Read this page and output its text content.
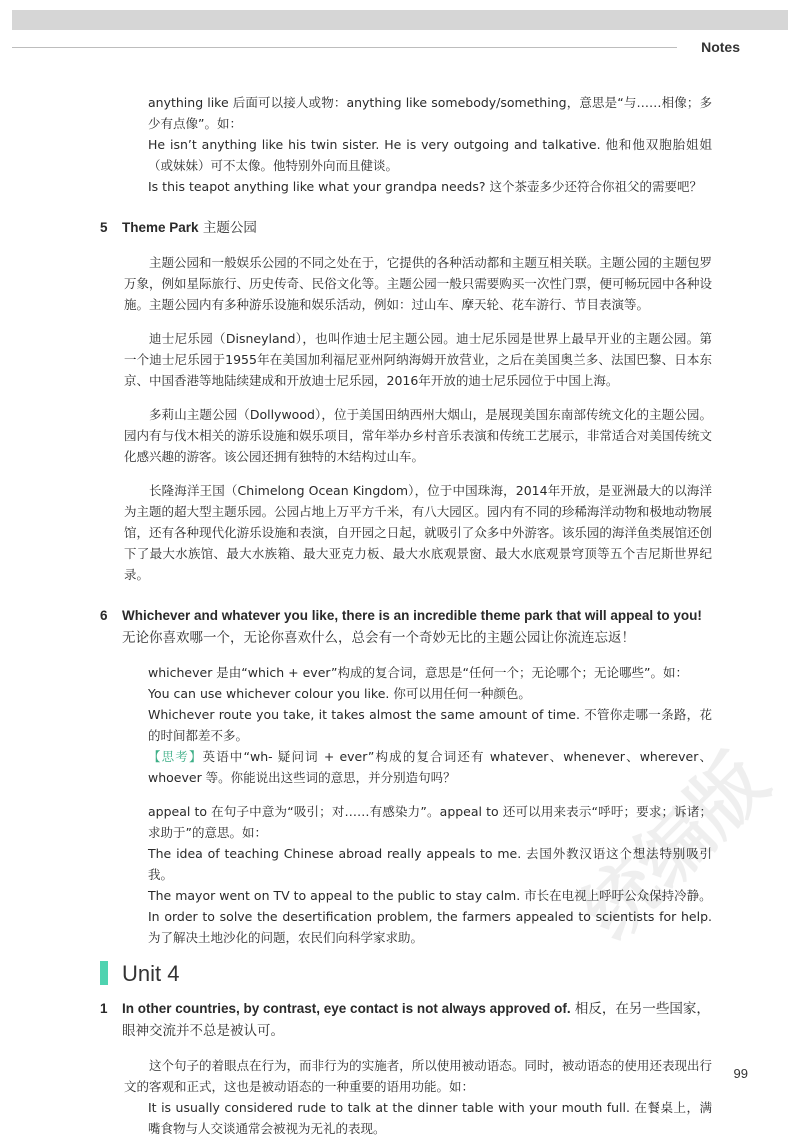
Notes
统编版

anything like 后面可以接人或物：anything like somebody/something，意思是“与……相像；多少有点像”。如：

He isn’t anything like his twin sister. He is very outgoing and talkative. 他和他双胞胎姐姐（或妹妹）可不太像。他特别外向而且健谈。

Is this teapot anything like what your grandpa needs? 这个茶壶多少还符合你祖父的需要吧？

5	Theme Park 主题公园

主题公园和一般娱乐公园的不同之处在于，它提供的各种活动都和主题互相关联。主题公园的主题包罗万象，例如星际旅行、历史传奇、民俗文化等。主题公园一般只需要购买一次性门票，便可畅玩园中各种设施。主题公园内有多种游乐设施和娱乐活动，例如：过山车、摩天轮、花车游行、节目表演等。

迪士尼乐园（Disneyland），也叫作迪士尼主题公园。迪士尼乐园是世界上最早开业的主题公园。第一个迪士尼乐园于1955年在美国加利福尼亚州阿纳海姆开放营业，之后在美国奥兰多、法国巴黎、日本东京、中国香港等地陆续建成和开放迪士尼乐园，2016年开放的迪士尼乐园位于中国上海。

多莉山主题公园（Dollywood），位于美国田纳西州大烟山，是展现美国东南部传统文化的主题公园。园内有与伐木相关的游乐设施和娱乐项目，常年举办乡村音乐表演和传统工艺展示，非常适合对美国传统文化感兴趣的游客。该公园还拥有独特的木结构过山车。

长隆海洋王国（Chimelong Ocean Kingdom），位于中国珠海，2014年开放，是亚洲最大的以海洋为主题的超大型主题乐园。公园占地上万平方千米，有八大园区。园内有不同的珍稀海洋动物和极地动物展馆，还有各种现代化游乐设施和表演，自开园之日起，就吸引了众多中外游客。该乐园的海洋鱼类展馆还创下了最大水族馆、最大水族箱、最大亚克力板、最大水底观景窗、最大水底观景穹顶等五个吉尼斯世界纪录。

6	Whichever and whatever you like, there is an incredible theme park that will appeal to you! 无论你喜欢哪一个，无论你喜欢什么，总会有一个奇妙无比的主题公园让你流连忘返！

whichever 是由“which + ever”构成的复合词，意思是“任何一个；无论哪个；无论哪些”。如：

You can use whichever colour you like. 你可以用任何一种颜色。

Whichever route you take, it takes almost the same amount of time. 不管你走哪一条路，花的时间都差不多。

【思考】英语中“wh- 疑问词 + ever”构成的复合词还有 whatever、whenever、wherever、whoever 等。你能说出这些词的意思，并分别造句吗？

appeal to 在句子中意为“吸引；对……有感染力”。appeal to 还可以用来表示“呼吁；要求；诉诸；求助于”的意思。如：

The idea of teaching Chinese abroad really appeals to me. 去国外教汉语这个想法特别吸引我。

The mayor went on TV to appeal to the public to stay calm. 市长在电视上呼吁公众保持冷静。

In order to solve the desertification problem, the farmers appealed to scientists for help. 为了解决土地沙化的问题，农民们向科学家求助。

Unit 4
1	In other countries, by contrast, eye contact is not always approved of. 相反，在另一些国家，眼神交流并不总是被认可。

这个句子的着眼点在行为，而非行为的实施者，所以使用被动语态。同时，被动语态的使用还表现出行文的客观和正式，这也是被动语态的一种重要的语用功能。如：

It is usually considered rude to talk at the dinner table with your mouth full. 在餐桌上，满嘴食物与人交谈通常会被视为无礼的表现。

99
